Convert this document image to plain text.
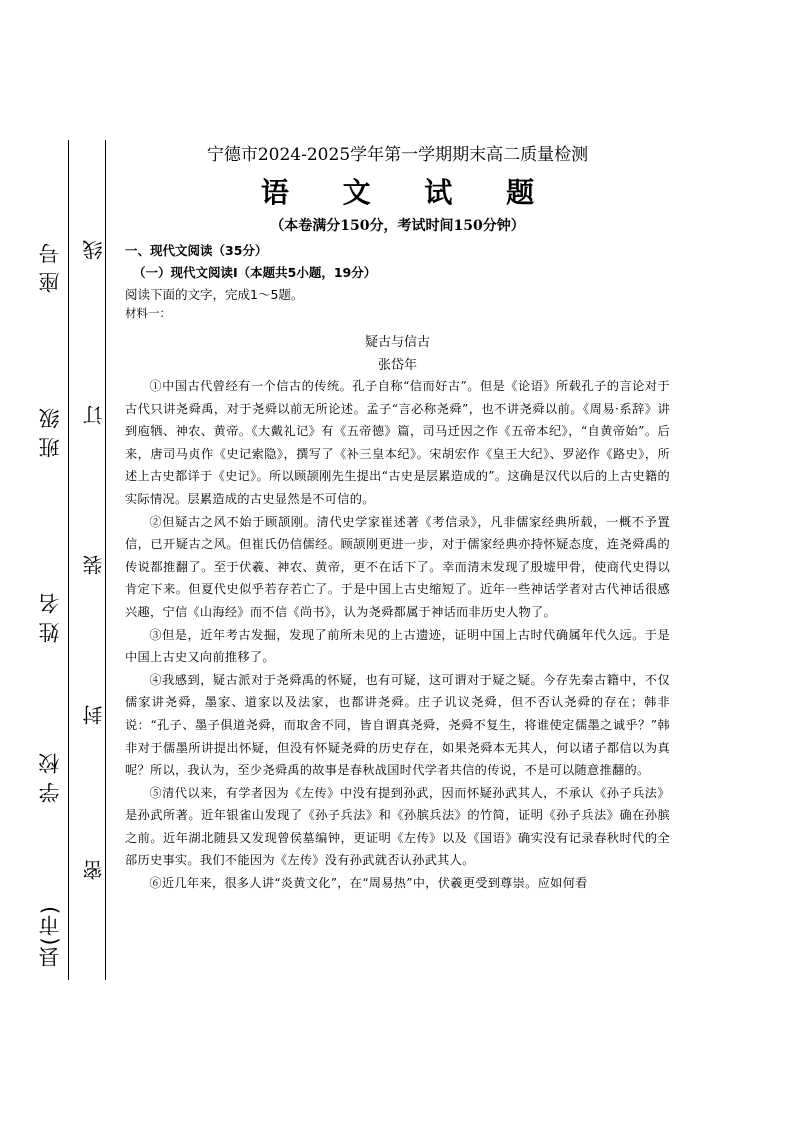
座号
班级
姓名
学校
县(市)
线
订
装
封
密
宁德市2024-2025学年第一学期期末高二质量检测
语 文 试 题
（本卷满分150分，考试时间150分钟）
一、现代文阅读（35分）
（一）现代文阅读Ⅰ（本题共5小题，19分）
阅读下面的文字，完成1～5题。
材料一：
疑古与信古
张岱年

①中国古代曾经有一个信古的传统。孔子自称“信而好古”。但是《论语》所载孔子的言论对于古代只讲尧舜禹，对于尧舜以前无所论述。孟子“言必称尧舜”，也不讲尧舜以前。《周易·系辞》讲到庖牺、神农、黄帝。《大戴礼记》有《五帝德》篇，司马迁因之作《五帝本纪》，“自黄帝始”。后来，唐司马贞作《史记索隐》，撰写了《补三皇本纪》。宋胡宏作《皇王大纪》、罗泌作《路史》，所述上古史都详于《史记》。所以顾颉刚先生提出“古史是层累造成的”。这确是汉代以后的上古史籍的实际情况。层累造成的古史显然是不可信的。

②但疑古之风不始于顾颉刚。清代史学家崔述著《考信录》，凡非儒家经典所载，一概不予置信，已开疑古之风。但崔氏仍信儒经。顾颉刚更进一步，对于儒家经典亦持怀疑态度，连尧舜禹的传说都推翻了。至于伏羲、神农、黄帝，更不在话下了。幸而清末发现了殷墟甲骨，使商代史得以肯定下来。但夏代史似乎若存若亡了。于是中国上古史缩短了。近年一些神话学者对古代神话很感兴趣，宁信《山海经》而不信《尚书》，认为尧舜都属于神话而非历史人物了。

③但是，近年考古发掘，发现了前所未见的上古遗迹，证明中国上古时代确属年代久远。于是中国上古史又向前推移了。

④我感到，疑古派对于尧舜禹的怀疑，也有可疑，这可谓对于疑之疑。今存先秦古籍中，不仅儒家讲尧舜，墨家、道家以及法家，也都讲尧舜。庄子讥议尧舜，但不否认尧舜的存在；韩非说：“孔子、墨子俱道尧舜，而取舍不同，皆自谓真尧舜，尧舜不复生，将谁使定儒墨之诚乎？”韩非对于儒墨所讲提出怀疑，但没有怀疑尧舜的历史存在，如果尧舜本无其人，何以诸子都信以为真呢？所以，我认为，至少尧舜禹的故事是春秋战国时代学者共信的传说，不是可以随意推翻的。

⑤清代以来，有学者因为《左传》中没有提到孙武，因而怀疑孙武其人，不承认《孙子兵法》是孙武所著。近年银雀山发现了《孙子兵法》和《孙膑兵法》的竹简，证明《孙子兵法》确在孙膑之前。近年湖北随县又发现曾侯墓编钟，更证明《左传》以及《国语》确实没有记录春秋时代的全部历史事实。我们不能因为《左传》没有孙武就否认孙武其人。

⑥近几年来，很多人讲“炎黄文化”，在“周易热”中，伏羲更受到尊崇。应如何看
